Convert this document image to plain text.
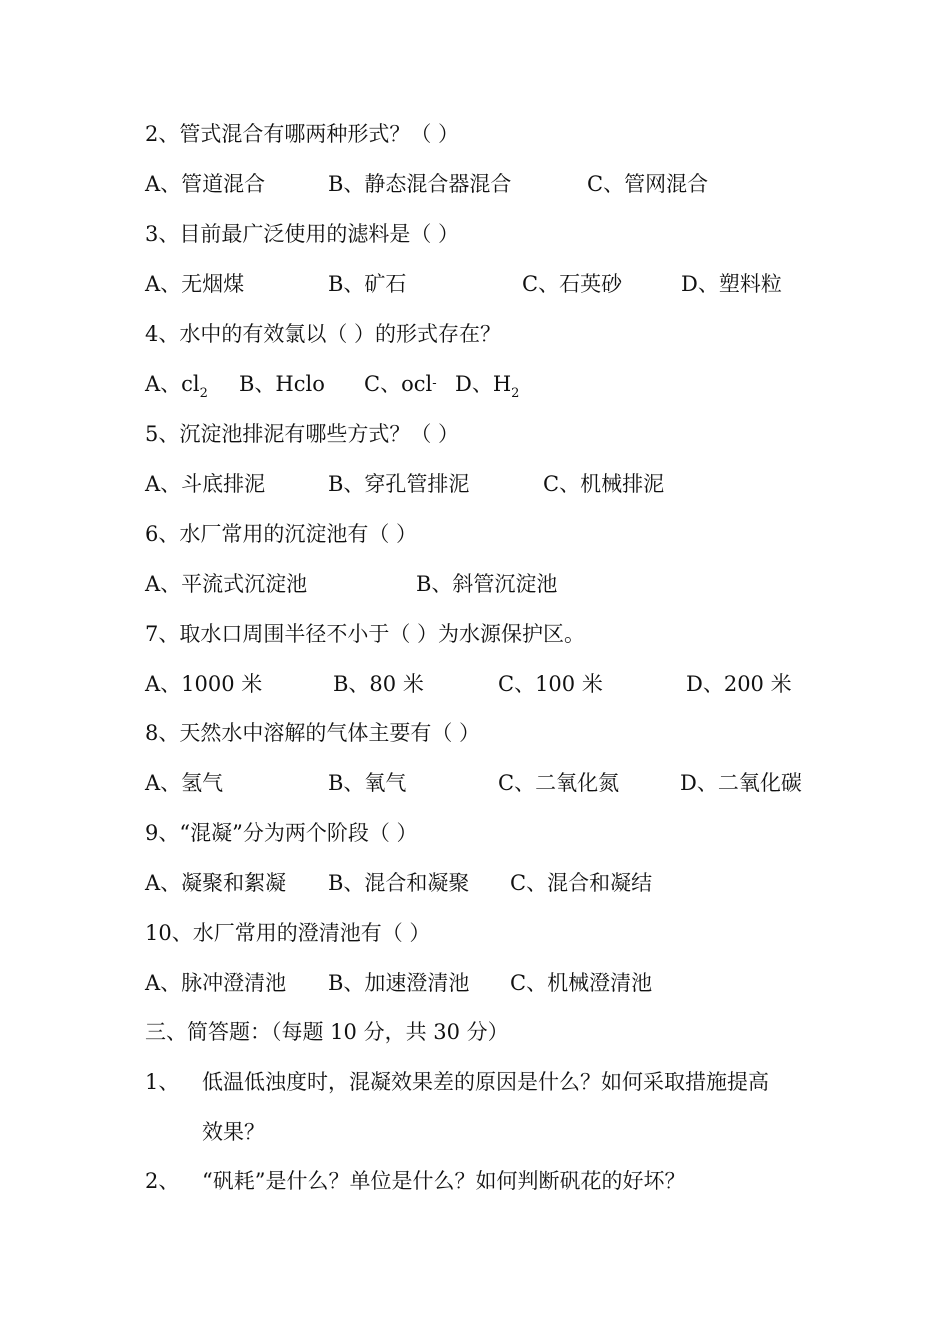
2、管式混合有哪两种形式？（ ）
A、管道混合	B、静态混合器混合	C、管网混合
3、目前最广泛使用的滤料是（ ）
A、无烟煤	B、矿石	C、石英砂	D、塑料粒
4、水中的有效氯以（ ）的形式存在？
A、$cl_2$ B、Hclo C、ocl- D、$H_2$
5、沉淀池排泥有哪些方式？（ ）
A、斗底排泥	B、穿孔管排泥	C、机械排泥
6、水厂常用的沉淀池有（ ）
A、平流式沉淀池	B、斜管沉淀池
7、取水口周围半径不小于（ ）为水源保护区。
A、1000 米	B、80 米	C、100 米	D、200 米
8、天然水中溶解的气体主要有（ ）
A、氢气	B、氧气	C、二氧化氮	D、二氧化碳
9、“混凝”分为两个阶段（ ）
A、凝聚和絮凝 B、混合和凝聚 C、混合和凝结
10、水厂常用的澄清池有（ ）
A、脉冲澄清池 B、加速澄清池 C、机械澄清池
三、简答题：（每题 10 分，共 30 分）
1、 低温低浊度时，混凝效果差的原因是什么？如何采取措施提高
效果？
2、 “矾耗”是什么？单位是什么？如何判断矾花的好坏？
